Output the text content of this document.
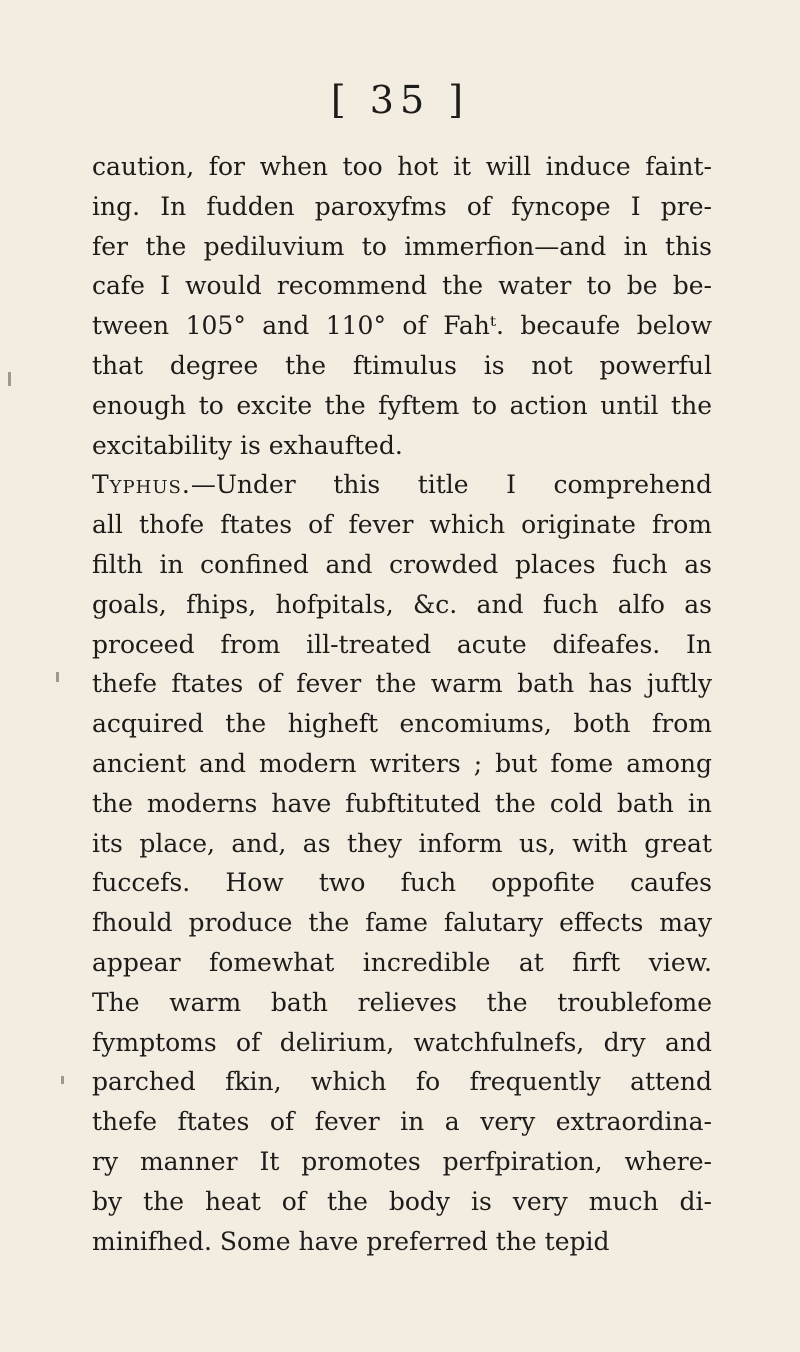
[ 35 ]
caution, for when too hot it will induce faint-
ing. In fudden paroxyfms of fyncope I pre-
fer the pediluvium to immerfion—and in this
cafe I would recommend the water to be be-
tween 105° and 110° of Fahᵗ. becaufe below
that degree the ftimulus is not powerful
enough to excite the fyftem to action until the
excitability is exhaufted.
Typhus.—Under this title I comprehend
all thofe ftates of fever which originate from
filth in confined and crowded places fuch as
goals, fhips, hofpitals, &c. and fuch alfo as
proceed from ill-treated acute difeafes. In
thefe ftates of fever the warm bath has juftly
acquired the higheft encomiums, both from
ancient and modern writers ; but fome among
the moderns have fubftituted the cold bath in
its place, and, as they inform us, with great
fuccefs. How two fuch oppofite caufes
fhould produce the fame falutary effects may
appear fomewhat incredible at firft view.
The warm bath relieves the troublefome
fymptoms of delirium, watchfulnefs, dry and
parched fkin, which fo frequently attend
thefe ftates of fever in a very extraordina-
ry manner It promotes perfpiration, where-
by the heat of the body is very much di-
minifhed. Some have preferred the tepid
